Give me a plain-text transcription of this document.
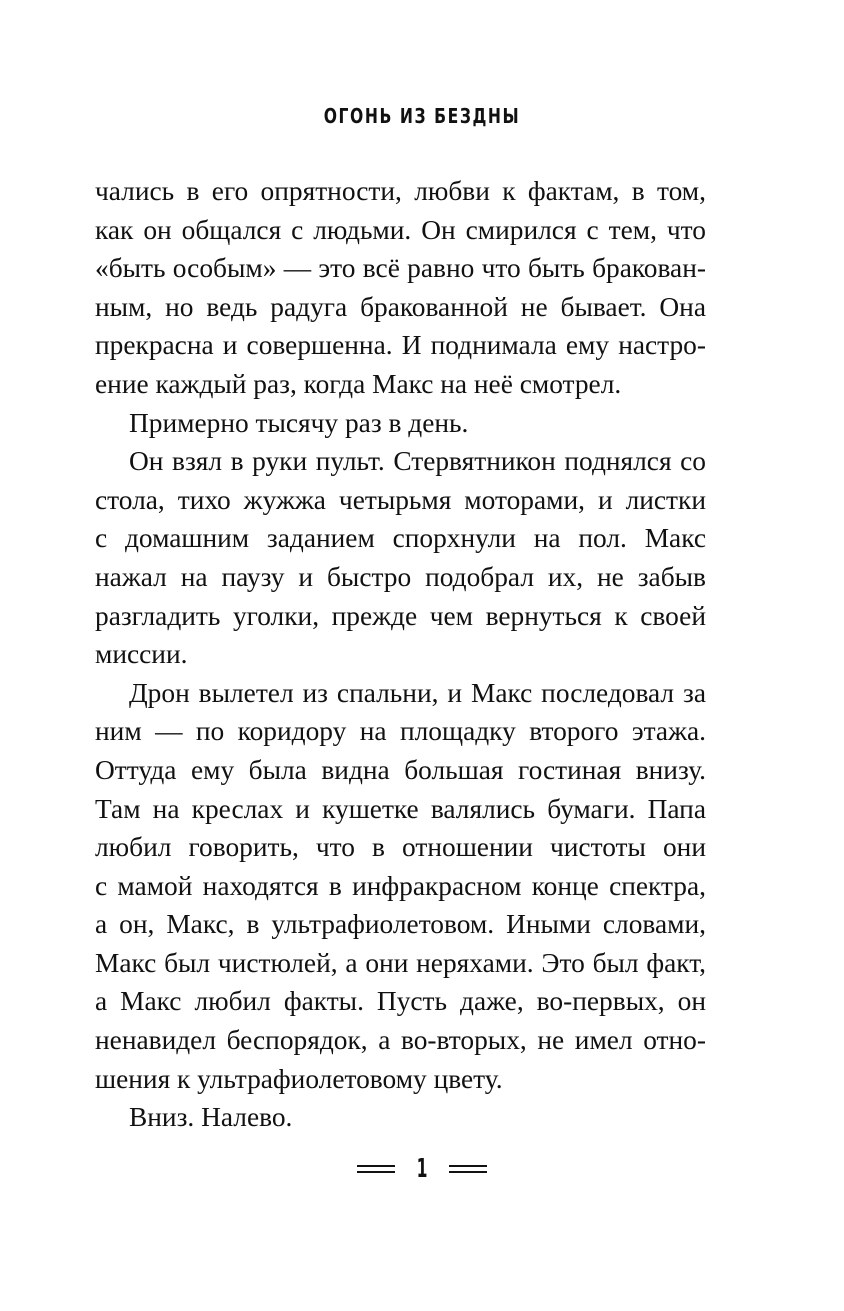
ОГОНЬ ИЗ БЕЗДНЫ
чались в его опрятности, любви к фактам, в том,
как он общался с людьми. Он смирился с тем, что
«быть особым» — это всё равно что быть бракован-
ным, но ведь радуга бракованной не бывает. Она
прекрасна и совершенна. И поднимала ему настро-
ение каждый раз, когда Макс на неё смотрел.
Примерно тысячу раз в день.
Он взял в руки пульт. Стервятникон поднялся со
стола, тихо жужжа четырьмя моторами, и листки
с домашним заданием спорхнули на пол. Макс
нажал на паузу и быстро подобрал их, не забыв
разгладить уголки, прежде чем вернуться к своей
миссии.
Дрон вылетел из спальни, и Макс последовал за
ним — по коридору на площадку второго этажа.
Оттуда ему была видна большая гостиная внизу.
Там на креслах и кушетке валялись бумаги. Папа
любил говорить, что в отношении чистоты они
с мамой находятся в инфракрасном конце спектра,
а он, Макс, в ультрафиолетовом. Иными словами,
Макс был чистюлей, а они неряхами. Это был факт,
а Макс любил факты. Пусть даже, во-первых, он
ненавидел беспорядок, а во-вторых, не имел отно-
шения к ультрафиолетовому цвету.
Вниз. Налево.
1
